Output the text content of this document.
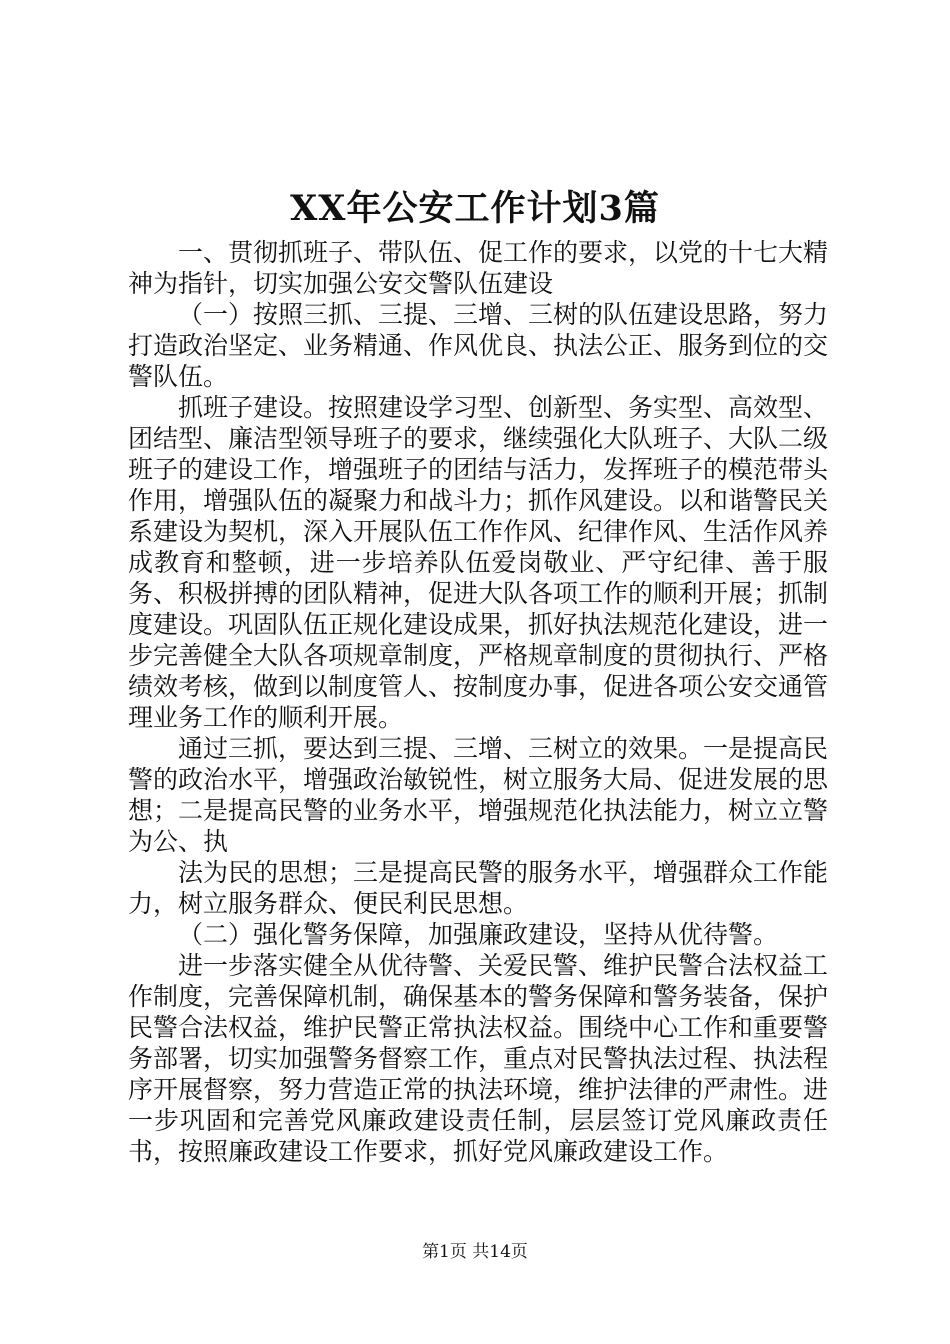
XX年公安工作计划3篇

一、贯彻抓班子、带队伍、促工作的要求，以党的十七大精神为指针，切实加强公安交警队伍建设

（一）按照三抓、三提、三增、三树的队伍建设思路，努力打造政治坚定、业务精通、作风优良、执法公正、服务到位的交警队伍。

抓班子建设。按照建设学习型、创新型、务实型、高效型、团结型、廉洁型领导班子的要求，继续强化大队班子、大队二级班子的建设工作，增强班子的团结与活力，发挥班子的模范带头作用，增强队伍的凝聚力和战斗力；抓作风建设。以和谐警民关系建设为契机，深入开展队伍工作作风、纪律作风、生活作风养成教育和整顿，进一步培养队伍爱岗敬业、严守纪律、善于服务、积极拼搏的团队精神，促进大队各项工作的顺利开展；抓制度建设。巩固队伍正规化建设成果，抓好执法规范化建设，进一步完善健全大队各项规章制度，严格规章制度的贯彻执行、严格绩效考核，做到以制度管人、按制度办事，促进各项公安交通管理业务工作的顺利开展。

通过三抓，要达到三提、三增、三树立的效果。一是提高民警的政治水平，增强政治敏锐性，树立服务大局、促进发展的思想；二是提高民警的业务水平，增强规范化执法能力，树立立警为公、执

法为民的思想；三是提高民警的服务水平，增强群众工作能力，树立服务群众、便民利民思想。

（二）强化警务保障，加强廉政建设，坚持从优待警。

进一步落实健全从优待警、关爱民警、维护民警合法权益工作制度，完善保障机制，确保基本的警务保障和警务装备，保护民警合法权益，维护民警正常执法权益。围绕中心工作和重要警务部署，切实加强警务督察工作，重点对民警执法过程、执法程序开展督察，努力营造正常的执法环境，维护法律的严肃性。进一步巩固和完善党风廉政建设责任制，层层签订党风廉政责任书，按照廉政建设工作要求，抓好党风廉政建设工作。

第1页 共14页
